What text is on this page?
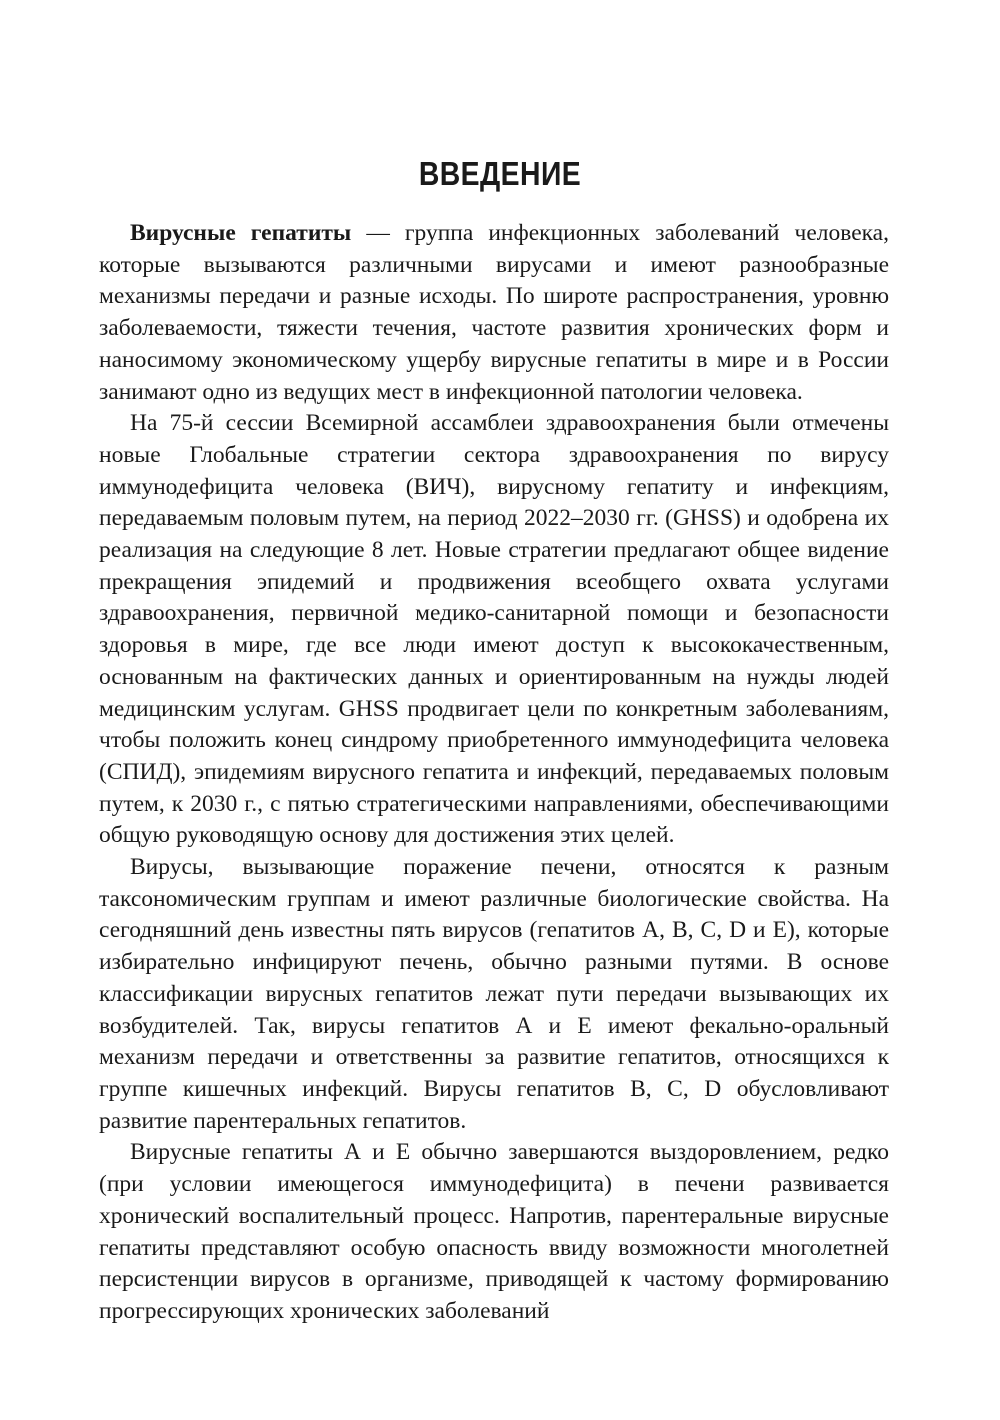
ВВЕДЕНИЕ

Вирусные гепатиты — группа инфекционных заболеваний человека, которые вызываются различными вирусами и имеют разнообразные механизмы передачи и разные исходы. По широте распространения, уровню заболеваемости, тяжести течения, частоте развития хронических форм и наносимому экономическому ущербу вирусные гепатиты в мире и в России занимают одно из ведущих мест в инфекционной патологии человека.

На 75-й сессии Всемирной ассамблеи здравоохранения были отмечены новые Глобальные стратегии сектора здравоохранения по вирусу иммунодефицита человека (ВИЧ), вирусному гепатиту и инфекциям, передаваемым половым путем, на период 2022–2030 гг. (GHSS) и одобрена их реализация на следующие 8 лет. Новые стратегии предлагают общее видение прекращения эпидемий и продвижения всеобщего охвата услугами здравоохранения, первичной медико-санитарной помощи и безопасности здоровья в мире, где все люди имеют доступ к высококачественным, основанным на фактических данных и ориентированным на нужды людей медицинским услугам. GHSS продвигает цели по конкретным заболеваниям, чтобы положить конец синдрому приобретенного иммунодефицита человека (СПИД), эпидемиям вирусного гепатита и инфекций, передаваемых половым путем, к 2030 г., с пятью стратегическими направлениями, обеспечивающими общую руководящую основу для достижения этих целей.

Вирусы, вызывающие поражение печени, относятся к разным таксономическим группам и имеют различные биологические свойства. На сегодняшний день известны пять вирусов (гепатитов А, В, С, D и Е), которые избирательно инфицируют печень, обычно разными путями. В основе классификации вирусных гепатитов лежат пути передачи вызывающих их возбудителей. Так, вирусы гепатитов А и Е имеют фекально-оральный механизм передачи и ответственны за развитие гепатитов, относящихся к группе кишечных инфекций. Вирусы гепатитов В, С, D обусловливают развитие парентеральных гепатитов.

Вирусные гепатиты А и Е обычно завершаются выздоровлением, редко (при условии имеющегося иммунодефицита) в печени развивается хронический воспалительный процесс. Напротив, парентеральные вирусные гепатиты представляют особую опасность ввиду возможности многолетней персистенции вирусов в организме, приводящей к частому формированию прогрессирующих хронических заболеваний
